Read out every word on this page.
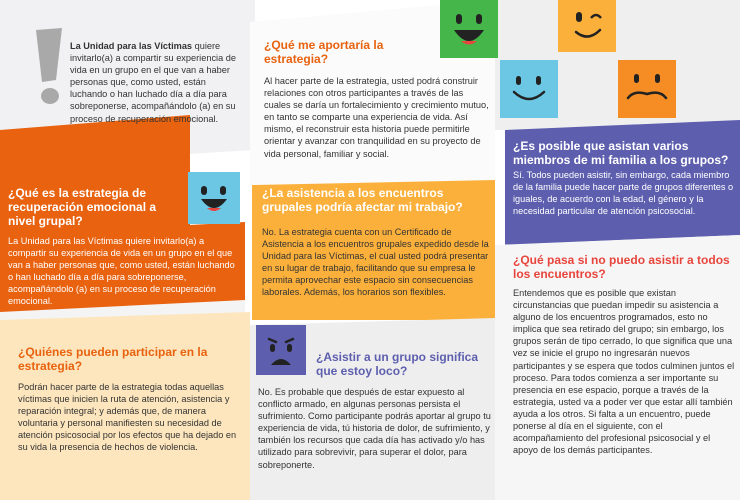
La Unidad para las Víctimas quiere invitarlo(a) a compartir su experiencia de vida en un grupo en el que van a haber personas que, como usted, están luchando o han luchado día a día para sobreponerse, acompañándolo (a) en su proceso de recuperación emocional.
¿Qué es la estrategia de recuperación emocional a nivel grupal?
La Unidad para las Víctimas quiere invitarlo(a) a compartir su experiencia de vida en un grupo en el que van a haber personas que, como usted, están luchando o han luchado día a día para sobreponerse, acompañándolo (a) en su proceso de recuperación emocional.
¿Quiénes pueden participar en la estrategia?
Podrán hacer parte de la estrategia todas aquellas víctimas que inicien la ruta de atención, asistencia y reparación integral; y además que, de manera voluntaria y personal manifiesten su necesidad de atención psicosocial por los efectos que ha dejado en su vida la presencia de hechos de violencia.
¿Qué me aportaría la estrategia?
Al hacer parte de la estrategia, usted podrá construir relaciones con otros participantes a través de las cuales se daría un fortalecimiento y crecimiento mutuo, en tanto se comparte una experiencia de vida. Así mismo, el reconstruir esta historia puede permitirle orientar y avanzar con tranquilidad en su proyecto de vida personal, familiar y social.
¿La asistencia a los encuentros grupales podría afectar mi trabajo?
No. La estrategia cuenta con un Certificado de Asistencia a los encuentros grupales expedido desde la Unidad para las Víctimas, el cual usted podrá presentar en su lugar de trabajo, facilitando que su empresa le permita aprovechar este espacio sin consecuencias laborales. Además, los horarios son flexibles.
¿Asistir a un grupo significa que estoy loco?
No. Es probable que después de estar expuesto al conflicto armado, en algunas personas persista el sufrimiento. Como participante podrás aportar al grupo tu experiencia de vida, tú historia de dolor, de sufrimiento, y también los recursos que cada día has activado y/o has utilizado para sobrevivir, para superar el dolor, para sobreponerte.
¿Es posible que asistan varios miembros de mi familia a los grupos?
Sí. Todos pueden asistir, sin embargo, cada miembro de la familia puede hacer parte de grupos diferentes o iguales, de acuerdo con la edad, el género y la necesidad particular de atención psicosocial.
¿Qué pasa si no puedo asistir a todos los encuentros?
Entendemos que es posible que existan circunstancias que puedan impedir su asistencia a alguno de los encuentros programados, esto no implica que sea retirado del grupo; sin embargo, los grupos serán de tipo cerrado, lo que significa que una vez se inicie el grupo no ingresarán nuevos participantes y se espera que todos culminen juntos el proceso. Para todos comienza a ser importante su presencia en ese espacio, porque a través de la estrategia, usted va a poder ver que estar allí también ayuda a los otros. Si falta a un encuentro, puede ponerse al día en el siguiente, con el acompañamiento del profesional psicosocial y el apoyo de los demás participantes.
